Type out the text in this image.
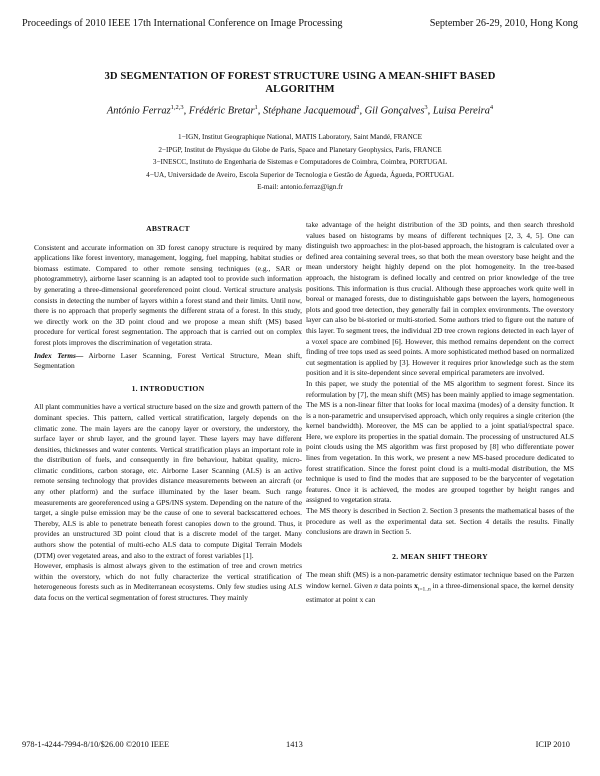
Proceedings of 2010 IEEE 17th International Conference on Image Processing	September 26-29, 2010, Hong Kong
3D SEGMENTATION OF FOREST STRUCTURE USING A MEAN-SHIFT BASED
ALGORITHM
António Ferraz$^{1,2,3}$, Frédéric Bretar$^1$, Stéphane Jacquemoud$^2$, Gil Gonçalves$^3$, Luisa Pereira$^4$
1−IGN, Institut Geographique National, MATIS Laboratory, Saint Mandé, FRANCE
2−IPGP, Institut de Physique du Globe de Paris, Space and Planetary Geophysics, Paris, FRANCE
3−INESCC, Instituto de Engenharia de Sistemas e Computadores de Coimbra, Coimbra, PORTUGAL
4−UA, Universidade de Aveiro, Escola Superior de Tecnologia e Gestão de Águeda, Águeda, PORTUGAL
E-mail: antonio.ferraz@ign.fr
ABSTRACT

Consistent and accurate information on 3D forest canopy structure is required by many applications like forest inventory, management, logging, fuel mapping, habitat studies or biomass estimate. Compared to other remote sensing techniques (e.g., SAR or photogrammetry), airborne laser scanning is an adapted tool to provide such information by generating a three-dimensional georeferenced point cloud. Vertical structure analysis consists in detecting the number of layers within a forest stand and their limits. Until now, there is no approach that properly segments the different strata of a forest. In this study, we directly work on the 3D point cloud and we propose a mean shift (MS) based procedure for vertical forest segmentation. The approach that is carried out on complex forest plots improves the discrimination of vegetation strata.

Index Terms— Airborne Laser Scanning, Forest Vertical Structure, Mean shift, Segmentation

1. INTRODUCTION

All plant communities have a vertical structure based on the size and growth pattern of the dominant species. This pattern, called vertical stratification, largely depends on the climatic zone. The main layers are the canopy layer or overstory, the understory, the surface layer or shrub layer, and the ground layer. These layers may have different densities, thicknesses and water contents. Vertical stratification plays an important role in the distribution of fuels, and consequently in fire behaviour, habitat quality, micro-climatic conditions, carbon storage, etc. Airborne Laser Scanning (ALS) is an active remote sensing technology that provides distance measurements between an aircraft (or any other platform) and the surface illuminated by the laser beam. Such range measurements are georeferenced using a GPS/INS system. Depending on the nature of the target, a single pulse emission may be the cause of one to several backscattered echoes. Thereby, ALS is able to penetrate beneath forest canopies down to the ground. Thus, it provides an unstructured 3D point cloud that is a discrete model of the target. Many authors show the potential of multi-echo ALS data to compute Digital Terrain Models (DTM) over vegetated areas, and also to the extract of forest variables [1].

However, emphasis is almost always given to the estimation of tree and crown metrics within the overstory, which do not fully characterize the vertical stratification of heterogeneous forests such as in Mediterranean ecosystems. Only few studies using ALS data focus on the vertical segmentation of forest structures. They mainly

take advantage of the height distribution of the 3D points, and then search threshold values based on histograms by means of different techniques [2, 3, 4, 5]. One can distinguish two approaches: in the plot-based approach, the histogram is calculated over a defined area containing several trees, so that both the mean overstory base height and the mean understory height highly depend on the plot homogeneity. In the tree-based approach, the histogram is defined locally and centred on prior knowledge of the tree positions. This information is thus crucial. Although these approaches work quite well in boreal or managed forests, due to distinguishable gaps between the layers, homogeneous plots and good tree detection, they generally fail in complex environments. The overstory layer can also be bi-storied or multi-storied. Some authors tried to figure out the nature of this layer. To segment trees, the individual 2D tree crown regions detected in each layer of a voxel space are combined [6]. However, this method remains dependent on the correct finding of tree tops used as seed points. A more sophisticated method based on normalized cut segmentation is applied by [3]. However it requires prior knowledge such as the stem position and it is site-dependent since several empirical parameters are involved.

In this paper, we study the potential of the MS algorithm to segment forest. Since its reformulation by [7], the mean shift (MS) has been mainly applied to image segmentation. The MS is a non-linear filter that looks for local maxima (modes) of a density function. It is a non-parametric and unsupervised approach, which only requires a single criterion (the kernel bandwidth). Moreover, the MS can be applied to a joint spatial/spectral space. Here, we explore its properties in the spatial domain. The processing of unstructured ALS point clouds using the MS algorithm was first proposed by [8] who differentiate power lines from vegetation. In this work, we present a new MS-based procedure dedicated to forest stratification. Since the forest point cloud is a multi-modal distribution, the MS technique is used to find the modes that are supposed to be the barycenter of vegetation features. Once it is achieved, the modes are grouped together by height ranges and assigned to vegetation strata.

The MS theory is described in Section 2. Section 3 presents the mathematical bases of the procedure as well as the experimental data set. Section 4 details the results. Finally conclusions are drawn in Section 5.

2. MEAN SHIFT THEORY

The mean shift (MS) is a non-parametric density estimator technique based on the Parzen window kernel. Given n data points $x_{i=1..n}$ in a three-dimensional space, the kernel density estimator at point x can

978-1-4244-7994-8/10/$26.00 ©2010 IEEE	1413	ICIP 2010
